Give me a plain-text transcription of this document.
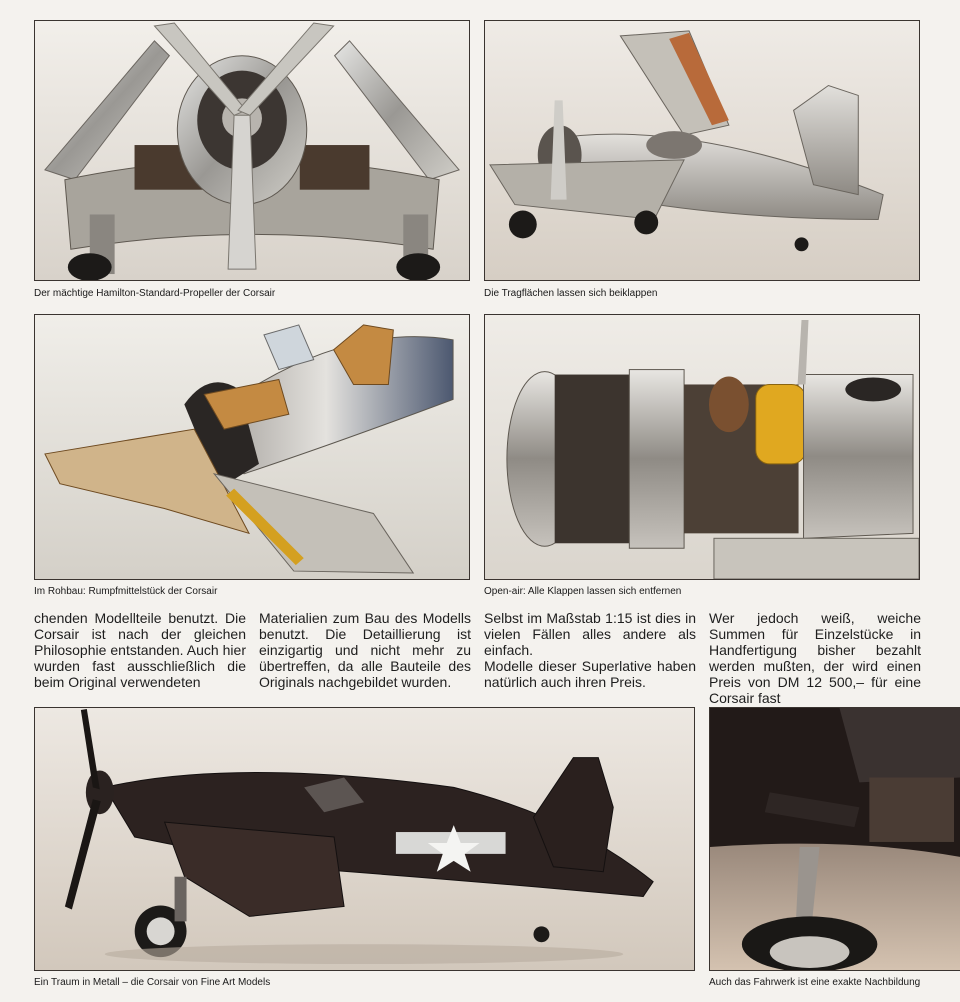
Der mächtige Hamilton-Standard-Propeller der Corsair	Die Tragflächen lassen sich beiklappen
Im Rohbau: Rumpfmittelstück der Corsair	Open-air: Alle Klappen lassen sich entfernen

chenden Modellteile benutzt. Die Corsair ist nach der gleichen Philosophie entstanden. Auch hier wurden fast ausschließlich die beim Original verwendeten

Materialien zum Bau des Modells benutzt. Die Detaillierung ist einzigartig und nicht mehr zu übertreffen, da alle Bauteile des Originals nachgebildet wurden.

Selbst im Maßstab 1:15 ist dies in vielen Fällen alles andere als einfach.

Modelle dieser Superlative haben natürlich auch ihren Preis.

Wer jedoch weiß, weiche Summen für Einzelstücke in Handfertigung bisher bezahlt werden mußten, der wird einen Preis von DM 12 500,– für eine Corsair fast

Ein Traum in Metall – die Corsair von Fine Art Models	Auch das Fahrwerk ist eine exakte Nachbildung
